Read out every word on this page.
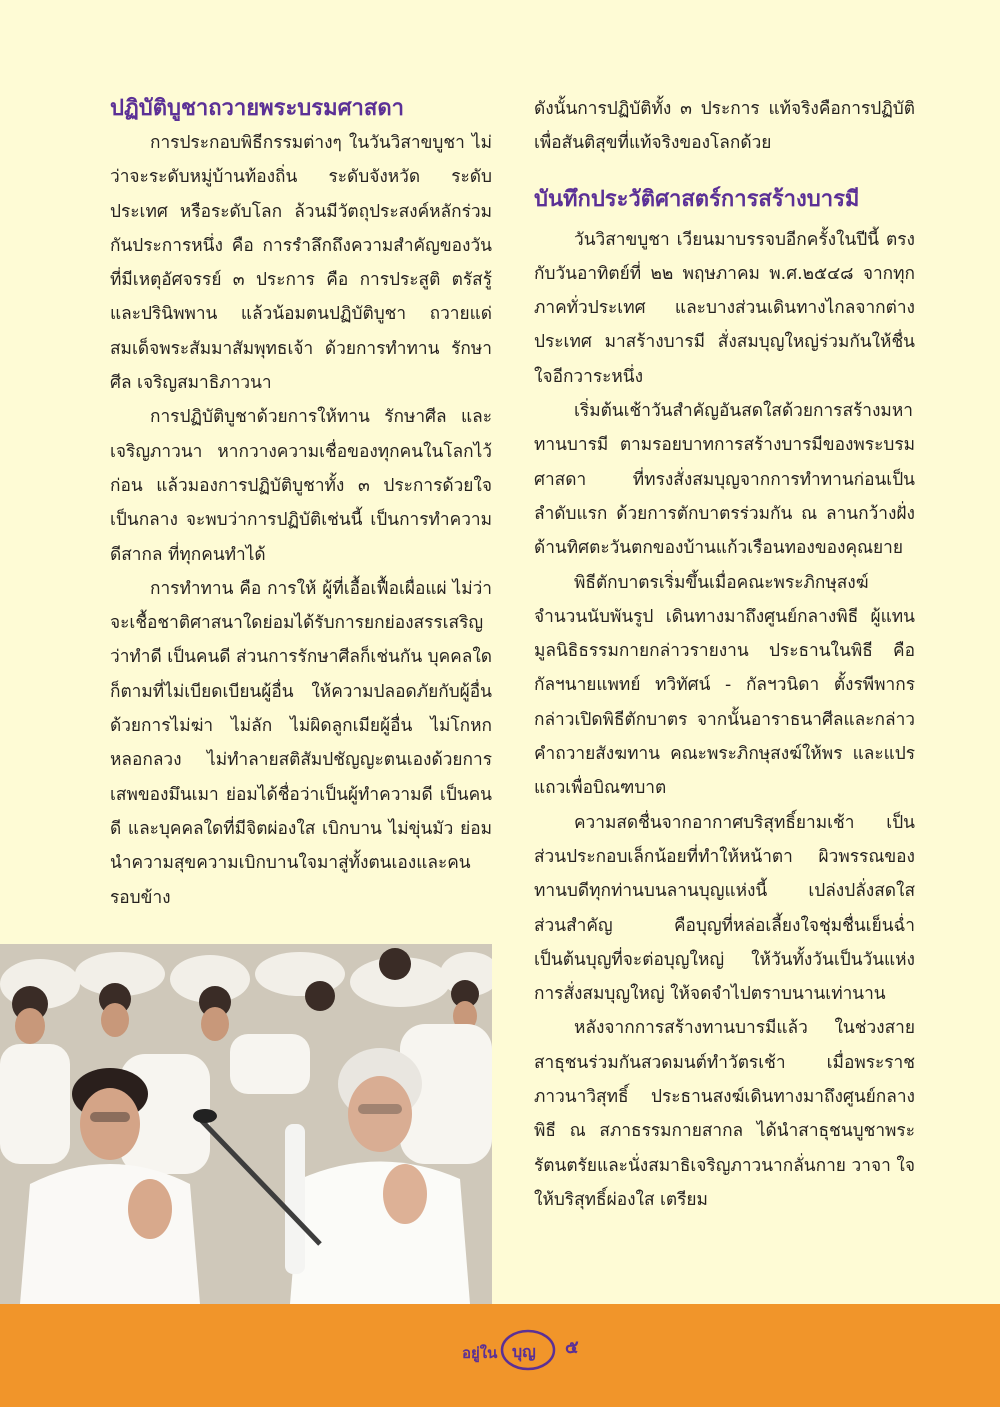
ปฏิบัติบูชาถวายพระบรมศาสดา

การประกอบพิธีกรรมต่างๆ ในวันวิสาขบูชา ไม่ว่าจะระดับหมู่บ้านท้องถิ่น ระดับจังหวัด ระดับประเทศ หรือระดับโลก ล้วนมีวัตถุประสงค์หลักร่วมกันประการหนึ่ง คือ การรำลึกถึงความสำคัญของวันที่มีเหตุอัศจรรย์ ๓ ประการ คือ การประสูติ ตรัสรู้ และปรินิพพาน แล้วน้อมตนปฏิบัติบูชา ถวายแด่สมเด็จพระสัมมาสัมพุทธเจ้า ด้วยการทำทาน รักษาศีล เจริญสมาธิภาวนา

การปฏิบัติบูชาด้วยการให้ทาน รักษาศีล และเจริญภาวนา หากวางความเชื่อของทุกคนในโลกไว้ก่อน แล้วมองการปฏิบัติบูชาทั้ง ๓ ประการด้วยใจเป็นกลาง จะพบว่าการปฏิบัติเช่นนี้ เป็นการทำความดีสากล ที่ทุกคนทำได้

การทำทาน คือ การให้ ผู้ที่เอื้อเฟื้อเผื่อแผ่ ไม่ว่าจะเชื้อชาติศาสนาใดย่อมได้รับการยกย่องสรรเสริญว่าทำดี เป็นคนดี ส่วนการรักษาศีลก็เช่นกัน บุคคลใดก็ตามที่ไม่เบียดเบียนผู้อื่น ให้ความปลอดภัยกับผู้อื่น ด้วยการไม่ฆ่า ไม่ลัก ไม่ผิดลูกเมียผู้อื่น ไม่โกหก หลอกลวง ไม่ทำลายสติสัมปชัญญะตนเองด้วยการเสพของมึนเมา ย่อมได้ชื่อว่าเป็นผู้ทำความดี เป็นคนดี และบุคคลใดที่มีจิตผ่องใส เบิกบาน ไม่ขุ่นมัว ย่อมนำความสุขความเบิกบานใจมาสู่ทั้งตนเองและคนรอบข้าง

ดังนั้นการปฏิบัติทั้ง ๓ ประการ แท้จริงคือการปฏิบัติเพื่อสันติสุขที่แท้จริงของโลกด้วย

บันทึกประวัติศาสตร์การสร้างบารมี

วันวิสาขบูชา เวียนมาบรรจบอีกครั้งในปีนี้ ตรงกับวันอาทิตย์ที่ ๒๒ พฤษภาคม พ.ศ.๒๕๔๘ จากทุกภาคทั่วประเทศ และบางส่วนเดินทางไกลจากต่างประเทศ มาสร้างบารมี สั่งสมบุญใหญ่ร่วมกันให้ชื่นใจอีกวาระหนึ่ง

เริ่มต้นเช้าวันสำคัญอันสดใสด้วยการสร้างมหาทานบารมี ตามรอยบาทการสร้างบารมีของพระบรมศาสดา ที่ทรงสั่งสมบุญจากการทำทานก่อนเป็นลำดับแรก ด้วยการตักบาตรร่วมกัน ณ ลานกว้างฝั่งด้านทิศตะวันตกของบ้านแก้วเรือนทองของคุณยาย

พิธีตักบาตรเริ่มขึ้นเมื่อคณะพระภิกษุสงฆ์จำนวนนับพันรูป เดินทางมาถึงศูนย์กลางพิธี ผู้แทนมูลนิธิธรรมกายกล่าวรายงาน ประธานในพิธี คือ กัลฯนายแพทย์ ทวิทัศน์ - กัลฯวนิดา ตั้งรพีพากร กล่าวเปิดพิธีตักบาตร จากนั้นอาราธนาศีลและกล่าวคำถวายสังฆทาน คณะพระภิกษุสงฆ์ให้พร และแปรแถวเพื่อบิณฑบาต

ความสดชื่นจากอากาศบริสุทธิ์ยามเช้า เป็นส่วนประกอบเล็กน้อยที่ทำให้หน้าตา ผิวพรรณของทานบดีทุกท่านบนลานบุญแห่งนี้ เปล่งปลั่งสดใส ส่วนสำคัญ คือบุญที่หล่อเลี้ยงใจชุ่มชื่นเย็นฉ่ำ เป็นต้นบุญที่จะต่อบุญใหญ่ ให้วันทั้งวันเป็นวันแห่งการสั่งสมบุญใหญ่ ให้จดจำไปตราบนานเท่านาน

หลังจากการสร้างทานบารมีแล้ว ในช่วงสายสาธุชนร่วมกันสวดมนต์ทำวัตรเช้า เมื่อพระราชภาวนาวิสุทธิ์ ประธานสงฆ์เดินทางมาถึงศูนย์กลางพิธี ณ สภาธรรมกายสากล ได้นำสาธุชนบูชาพระรัตนตรัยและนั่งสมาธิเจริญภาวนากลั่นกาย วาจา ใจ ให้บริสุทธิ์ผ่องใส เตรียม

อยู่ใน บุญ ๕
